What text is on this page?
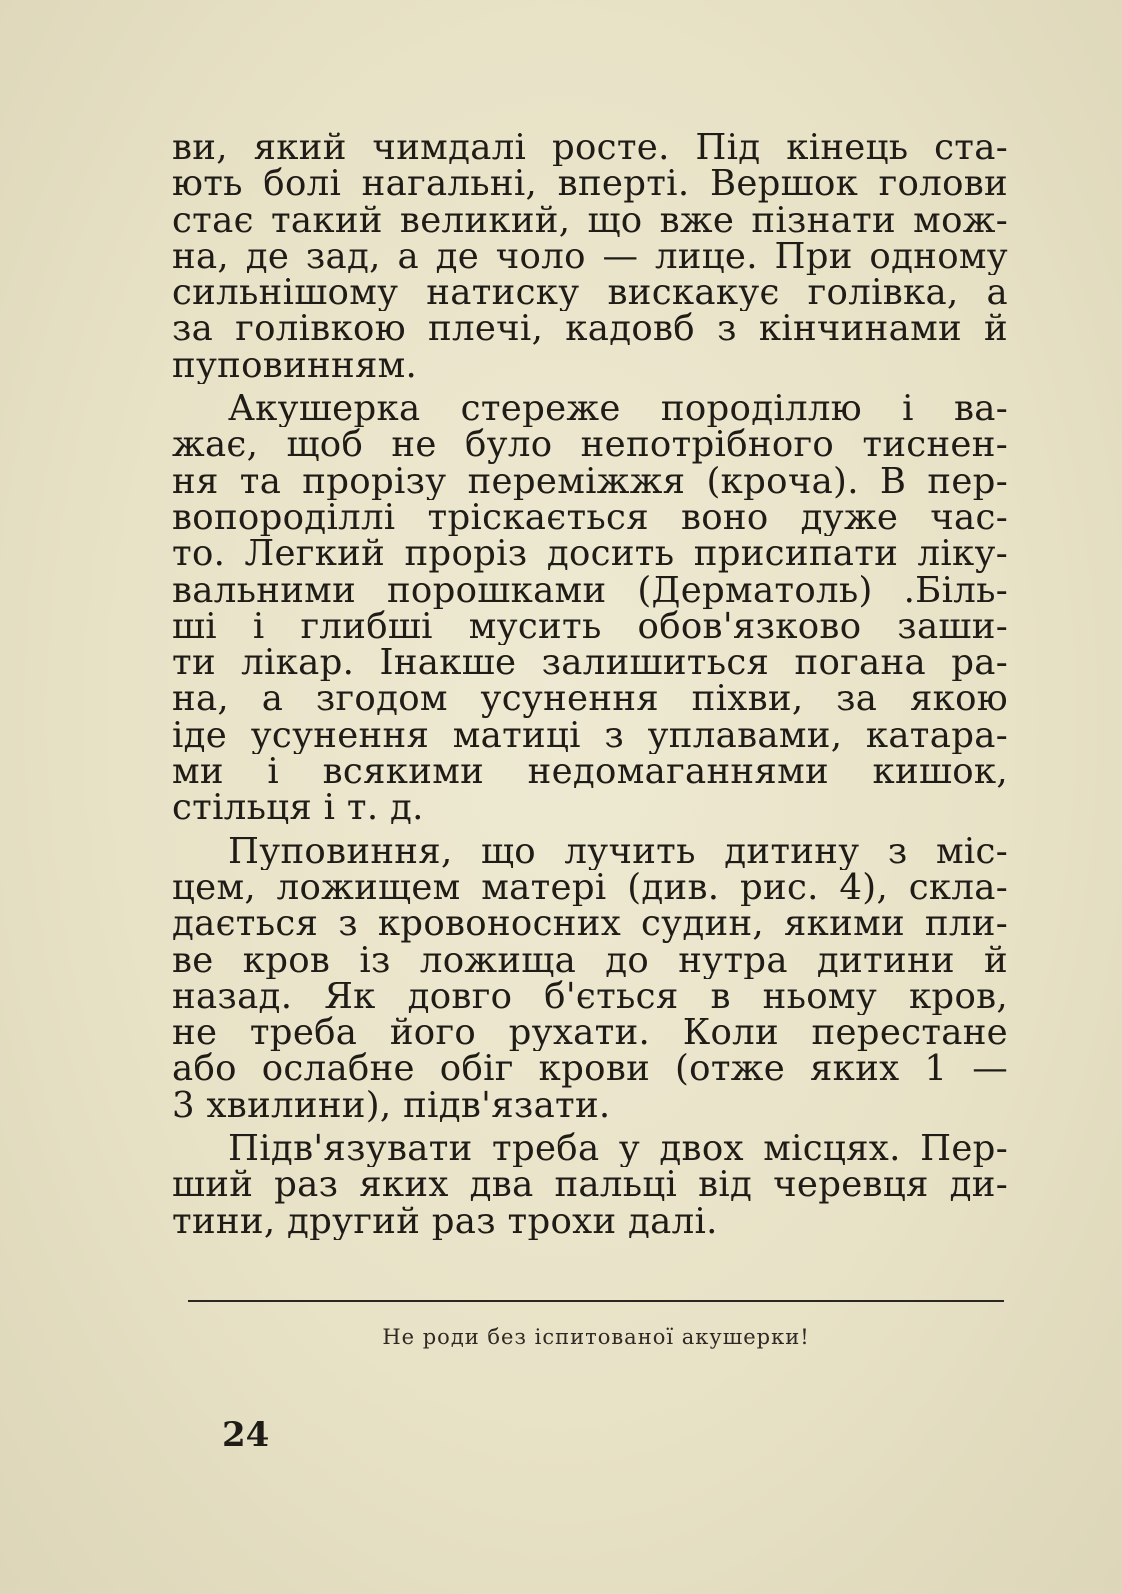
ви, який чимдалі росте. Під кінець ста-
ють болі нагальні, вперті. Вершок голови
стає такий великий, що вже пізнати мож-
на, де зад, а де чоло — лице. При одному
сильнішому натиску вискакує голівка, а
за голівкою плечі, кадовб з кінчинами й
пуповинням.
Акушерка стереже породіллю і ва-
жає, щоб не було непотрібного тиснен-
ня та прорізу переміжжя (кроча). В пер-
вопороділлі тріскається воно дуже час-
то. Легкий проріз досить присипати ліку-
вальними порошками (Дерматоль) .Біль-
ші і глибші мусить обов'язково заши-
ти лікар. Інакше залишиться погана ра-
на, а згодом усунення піхви, за якою
іде усунення матиці з уплавами, катара-
ми і всякими недомаганнями кишок,
стільця і т. д.
Пуповиння, що лучить дитину з міс-
цем, ложищем матері (див. рис. 4), скла-
дається з кровоносних судин, якими пли-
ве кров із ложища до нутра дитини й
назад. Як довго б'ється в ньому кров,
не треба його рухати. Коли перестане
або ослабне обіг крови (отже яких 1 —
3 хвилини), підв'язати.
Підв'язувати треба у двох місцях. Пер-
ший раз яких два пальці від черевця ди-
тини, другий раз трохи далі.
Не роди без іспитованої акушерки!
24
